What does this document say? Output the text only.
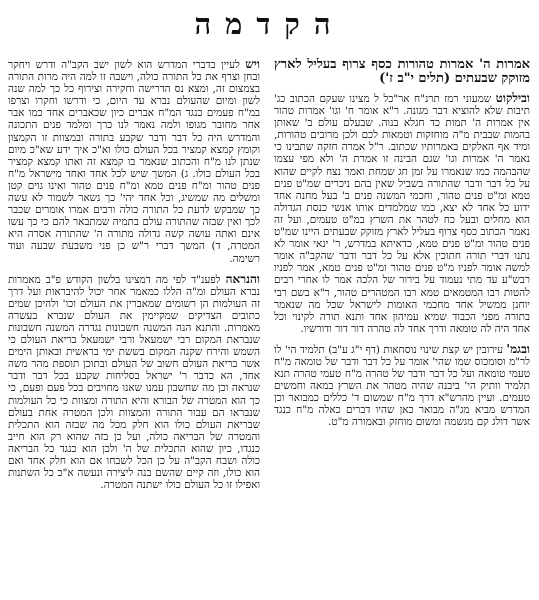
הקדמה
אמרות ה' אמרות טהורות כסף צרוף בעליל לארץ מזוקק שבעתים (תלים י"ב ז')

ובילקוט שמעוני רמז תרנ"ח אר"כל ל מצינו שעקם הכתוב כג' תיבות שלא להוציא דבר מגונה. ר"א אומר ח' וגו' אמרות טהור אין אמרות ה' תמות כד חגלא בנוה. שבעלם עולם ב' שאותן בהמות שבבית מ"ה מוחזקות וטמאות לכם ולכן מרובים טהורות, ומיד אף האלקים באמרותיו שכתוב. ר"ל אמרה חזקה שתבינו כי נאמר ה' אמרות וגו' שגם הבינה זו אמרת ה' ולא מפי עצמו שהבהמה כמו שנאמרו על זמן חג שמחת ואמר נצח לקיים שהוא על כל דבר ודבר שהתורה בשביל שאין בהם ניכרים שמ"ט פנים טמא ומ"ט פנים טהור, וחכמי המשנה פנים ב' בעל מחנה אחד ידוע כל אחד לא יצא, כמו שמלמדים אותו אנשי כנסת הגדולה הוא מחלים ובעל כח לטהר את השרץ במ"ט טעמים, ועל זה נאמר הכתוב כסף צרוף בעליל לארץ מזוקק שבעתים היינו שמ"ט פנים טהור ומ"ט פנים טמא, כדאיתא במדרש, ר' ינאי אומר לא נתנו דברי תורה חתוכין אלא על כל דבר ודבר שהקב"ה אומר למשה אומר לפניו מ"ט פנים טהור ומ"ט פנים טמא, אמר לפניו רבש"ע עד מתי נעמוד על בירור של הלכה אמר לו אחרי רבים להטות רבו המטמאים טמא רבו המטהרים טהור, ר"א בשם רבי יוחנן ממשיל אחד מחכמי האומות לישראל שכל מה שנאמר בתורה מפני הכבוד שמיא עמיהון אחד ותנא תורה לקינוי וכל אחד היה לה טומאה ודרך אחד לה טהרה דור דור ודורשיו.

ובגמ' עירובין יש קצת שינוי נוסחאות (דף י"ג ע"ב) תלמיד הי' לו לר"מ וסומכוס שמו שהי' אומר על כל דבר ודבר של טומאה מ"ח טעמי טומאה ועל כל דבר ודבר של טהרה מ"ח טעמי טהרה תנא תלמיד וותיק הי' ביבנה שהיה מטהר את השרץ במאה וחמשים טעמים. ועיין מהרש"א דרך מ"ח שמשום ד' כללים כמבואר וכן המדרש מביא מג"ה מבואר כאן שהיו דברים כאלה מ"ח כנגד אשר דולג קם מגשמה ומשום מוחזק ובאמורה מ"ט.

ויש לעיין בדברי המדרש הוא לשון ישב הקב"ה ודרש ויחקר ובחן וצרף את כל התורה כולה, וישבה זו למה היה מרות התורה בצמצום זה, ומצא נס הדרישה וחקירה וצירוף כל כך למה שנה לשון ומיום שהעולם נברא עד היום, כי ודרשו וחקרו וצרפו במ"ח פעמים כנגד המ"ח אברים כיון שכאברים אחד כמו אבר אחר מחובר מגופו ולמה נאמר לנו כרך ומלמד פנים התכונה והמדרש היה כל דבר ודבר שקבע בתורה ובמצוות זו הקמצון וקומץ קמצא קמציר בכל העולם כולו וא"כ איך ידע שא"כ מיום שנתן לנו מ"ח והכתוב שנאמר בו קמצא זה ואתו קמצא קמציר בכל העולם כולו. ג) המשך שיש לכל אחד ואחד מישראל מ"ח פנים טהור ומ"ח פנים טמא ומ"ח פנים טהור ואינו גוים קטן ומשלים מה שמשיג, וכל אחד יהי' כך נשאר לשמור לא עשה כך שמבקש לדעת כל התורה כולה ורבים אמרו אומרים שכבר לכך ואין שבזה שהתורה עולם בתמיה שמתבאר להם כי כך עשו אינם ואתה עושה קשה גדולה מתורה ה' שהתורה אסרה היא המטרה, ד) המשך דברי ר"ש כן פני משבעת שבעה ועוד רשימה.

והנראה לפענ"ד לפי מה דמצינו בלשון הקודש פ"ב מאמרות נברא העולם ומ"ה הללו כמאמר אחר יכול להיבראות ועל דרך זה העולמות הן רשומים שמאברין את העולם וכו' ולהיכן שמים כתובים הצדיקים שמקיימין את העולם שנברא בעשרה מאמרות. והתנא הנה המשנה חשבונות נגדרה המשנה חשבונות שנבראת המקום רבי ישמעאל ורבי ישמעאל בריאת העולם כי השמש והירח שקנה המקום בששת ימי בראשית ובאותן הימים אשר בריאת העולם חשוב של העולם ובתוכן תוספת מהר משה אחד, הא כדבר ר' ישראל בסליחות שקבע בכל דבר ודבר שנראה וכן מה שחשבון עמנו שאנו מחויבים בכל פעם ופעם, כי כך הוא המטרה של הבורא והיא התורה ומצוות כי כל העולמות שנבראו הם עבור התורה והמצוות ולכן המטרה אחת בעולם שבריאת העולם כולו הוא חלק מכל מה שבזה הוא התכלית והמטרה של הבריאה כולה, ועל כן בזה שהוא רק הוא חייב כנגדו, כיון שהוא התכלית של ה' ולכן הוא כנגד כל הבריאה כולה ושבח הקב"ה על כן הכל לשבחו אם הוא חלק אחד ואם הוא כולו, וזה קיים שהשם בנה ליצירה ונעשה א"כ כל השתנות ואפילו זו כל העולם כולו ישתנה המטרה.
